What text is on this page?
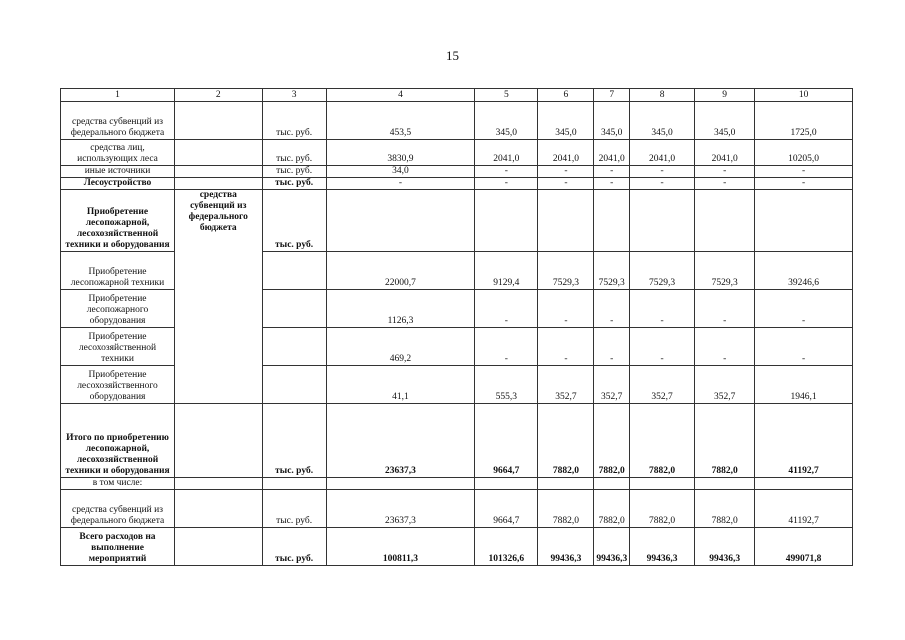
15
1	2	3	4	5	6	7	8	9	10
средства субвенций из федерального бюджета		тыс. руб.	453,5	345,0	345,0	345,0	345,0	345,0	1725,0
средства лиц, использующих леса		тыс. руб.	3830,9	2041,0	2041,0	2041,0	2041,0	2041,0	10205,0
иные источники		тыс. руб.	34,0	-	-	-	-	-	-
Лесоустройство		тыс. руб.	-	-	-	-	-	-	-
Приобретение лесопожарной, лесохозяйственной техники и оборудования	средства субвенций из федерального бюджета	тыс. руб.							
Приобретение лесопожарной техники			22000,7	9129,4	7529,3	7529,3	7529,3	7529,3	39246,6
Приобретение лесопожарного оборудования			1126,3	-	-	-	-	-	-
Приобретение лесохозяйственной техники			469,2	-	-	-	-	-	-
Приобретение лесохозяйственного оборудования			41,1	555,3	352,7	352,7	352,7	352,7	1946,1
Итого по приобретению лесопожарной, лесохозяйственной техники и оборудования		тыс. руб.	23637,3	9664,7	7882,0	7882,0	7882,0	7882,0	41192,7
в том числе:									
средства субвенций из федерального бюджета		тыс. руб.	23637,3	9664,7	7882,0	7882,0	7882,0	7882,0	41192,7
Всего расходов на выполнение мероприятий		тыс. руб.	100811,3	101326,6	99436,3	99436,3	99436,3	99436,3	499071,8
